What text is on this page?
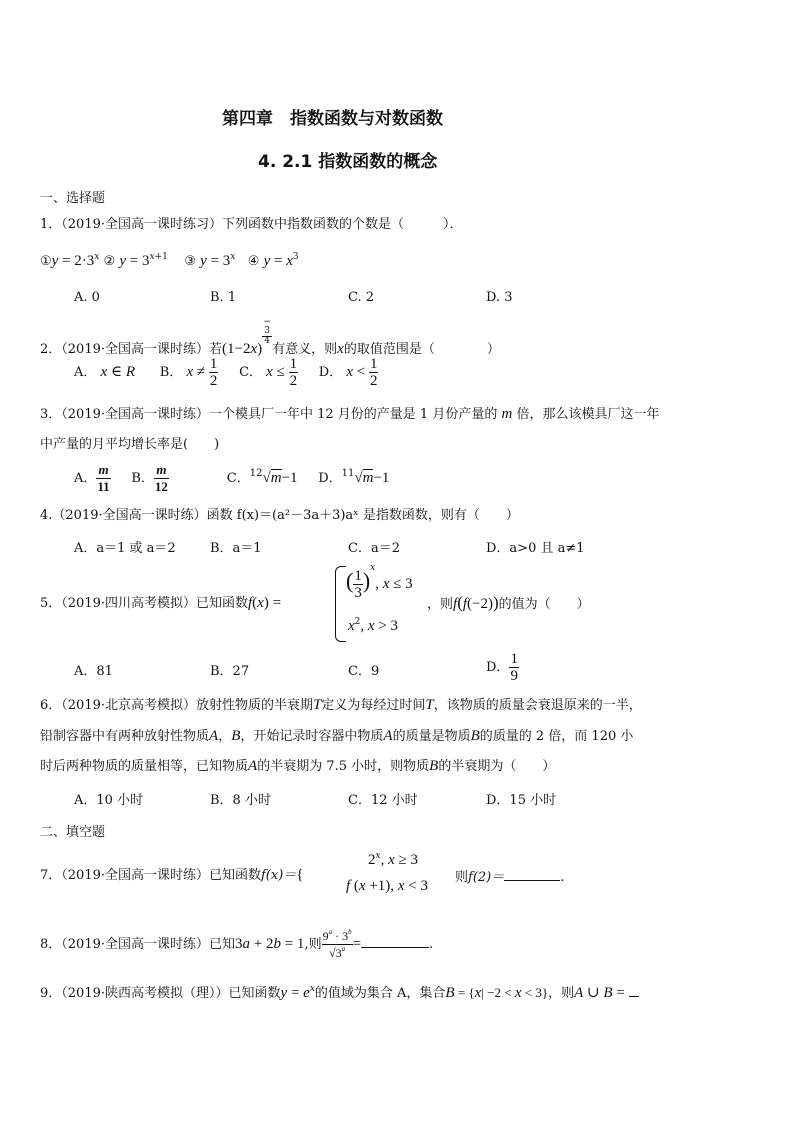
第四章　指数函数与对数函数
4. 2.1 指数函数的概念
一、选择题
1．（2019·全国高一课时练习）下列函数中指数函数的个数是（　　　）．
①y = $2\cdot 3^x$ ② $y = 3^{x+1}$ ③ $y = 3^x$ ④ $y = x^3$
A. 0	B. 1	C. 2	D. 3
2．（2019·全国高一课时练）若(1−2x)
−
3
4
有意义，则x的取值范围是（　　　　）
A． x ∈ R B． $x \ne \frac{1}{2}$ C． $x \le \frac{1}{2}$ D． $x < \frac{1}{2}$
3．（2019·全国高一课时练）一个模具厂一年中 12 月份的产量是 1 月份产量的 m 倍，那么该模具厂这一年
中产量的月平均增长率是(　　)
A． $\frac{m}{11}$ B． $\frac{m}{12}$	C．$^{12}$√m−1 D．$^{11}$√m−1
4.（2019·全国高一课时练）函数 f(x)＝(a²－3a＋3)aˣ 是指数函数，则有（　　）
A．a＝1 或 a＝2	B．a＝1	C．a＝2	D．a>0 且 a≠1
5．（2019·四川高考模拟）已知函数f(x) =
( $\frac{1}{3} )^x$, x ≤ 3
$x^2$, x > 3
，则f(f(−2))的值为（　　）
A．81	B．27	C．9	D． $\frac{1}{9}$
6．（2019·北京高考模拟）放射性物质的半衰期T定义为每经过时间T，该物质的质量会衰退原来的一半，
铅制容器中有两种放射性物质A，B，开始记录时容器中物质A的质量是物质B的质量的 2 倍，而 120 小
时后两种物质的质量相等，已知物质A的半衰期为 7.5 小时，则物质B的半衰期为（　　）
A．10 小时	B．8 小时	C．12 小时	D．15 小时
二、填空题
7．（2019·全国高一课时练）已知函数f(x)＝{
2$^x$, x ≥ 3
f (x +1), x < 3
则f(2)＝	.
8．（2019·全国高一课时练）已知3a + 2b = 1,则 $\frac{9^a \cdot 3^b}{√3^a}$ =	.
9．（2019·陕西高考模拟（理））已知函数$y = e^x$的值域为集合 A，集合B = {x| −2 < x < 3}，则A ∪ B =
